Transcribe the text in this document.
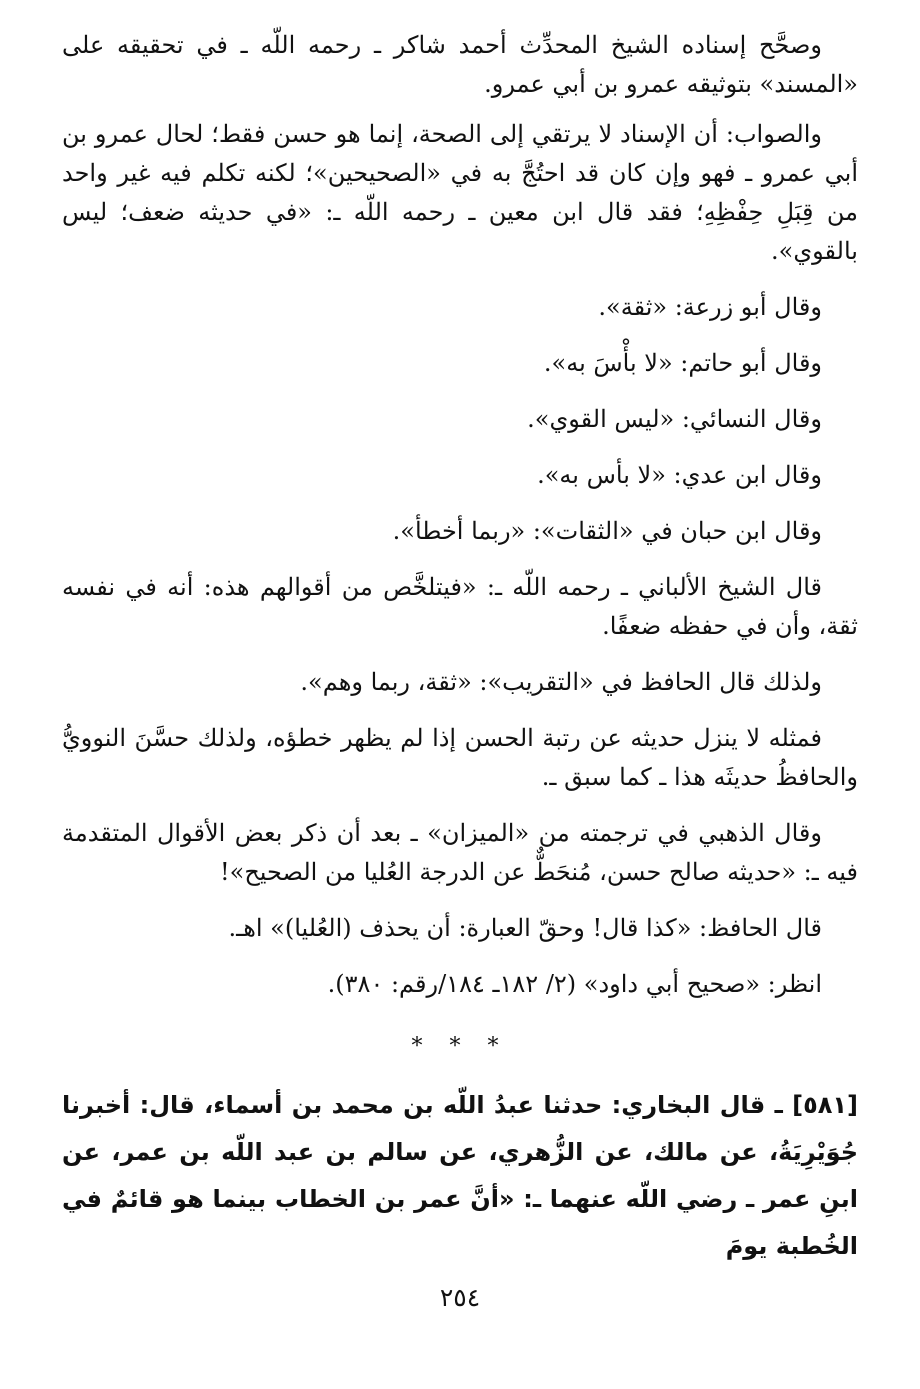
وصحَّح إسناده الشيخ المحدِّث أحمد شاكر ـ رحمه اللّه ـ في تحقيقه على «المسند» بتوثيقه عمرو بن أبي عمرو.

والصواب: أن الإسناد لا يرتقي إلى الصحة، إنما هو حسن فقط؛ لحال عمرو بن أبي عمرو ـ فهو وإن كان قد احتُجَّ به في «الصحيحين»؛ لكنه تكلم فيه غير واحد من قِبَلِ حِفْظِهِ؛ فقد قال ابن معين ـ رحمه اللّه ـ: «في حديثه ضعف؛ ليس بالقوي».

وقال أبو زرعة: «ثقة».

وقال أبو حاتم: «لا بأْسَ به».

وقال النسائي: «ليس القوي».

وقال ابن عدي: «لا بأس به».

وقال ابن حبان في «الثقات»: «ربما أخطأ».

قال الشيخ الألباني ـ رحمه اللّه ـ: «فيتلخَّص من أقوالهم هذه: أنه في نفسه ثقة، وأن في حفظه ضعفًا.

ولذلك قال الحافظ في «التقريب»: «ثقة، ربما وهم».

فمثله لا ينزل حديثه عن رتبة الحسن إذا لم يظهر خطؤه، ولذلك حسَّنَ النوويُّ والحافظُ حديثَه هذا ـ كما سبق ـ.

وقال الذهبي في ترجمته من «الميزان» ـ بعد أن ذكر بعض الأقوال المتقدمة فيه ـ: «حديثه صالح حسن، مُنحَطٌّ عن الدرجة العُليا من الصحيح»!

قال الحافظ: «كذا قال! وحقّ العبارة: أن يحذف (العُليا)» اهـ.

انظر: «صحيح أبي داود» (٢/ ١٨٢ـ ١٨٤/رقم: ٣٨٠).

* * *

[٥٨١] ـ قال البخاري: حدثنا عبدُ اللّه بن محمد بن أسماء، قال: أخبرنا جُوَيْرِيَةُ، عن مالك، عن الزُّهري، عن سالم بن عبد اللّه بن عمر، عن ابنِ عمر ـ رضي اللّه عنهما ـ: «أنَّ عمر بن الخطاب بينما هو قائمٌ في الخُطبة يومَ

٢٥٤
